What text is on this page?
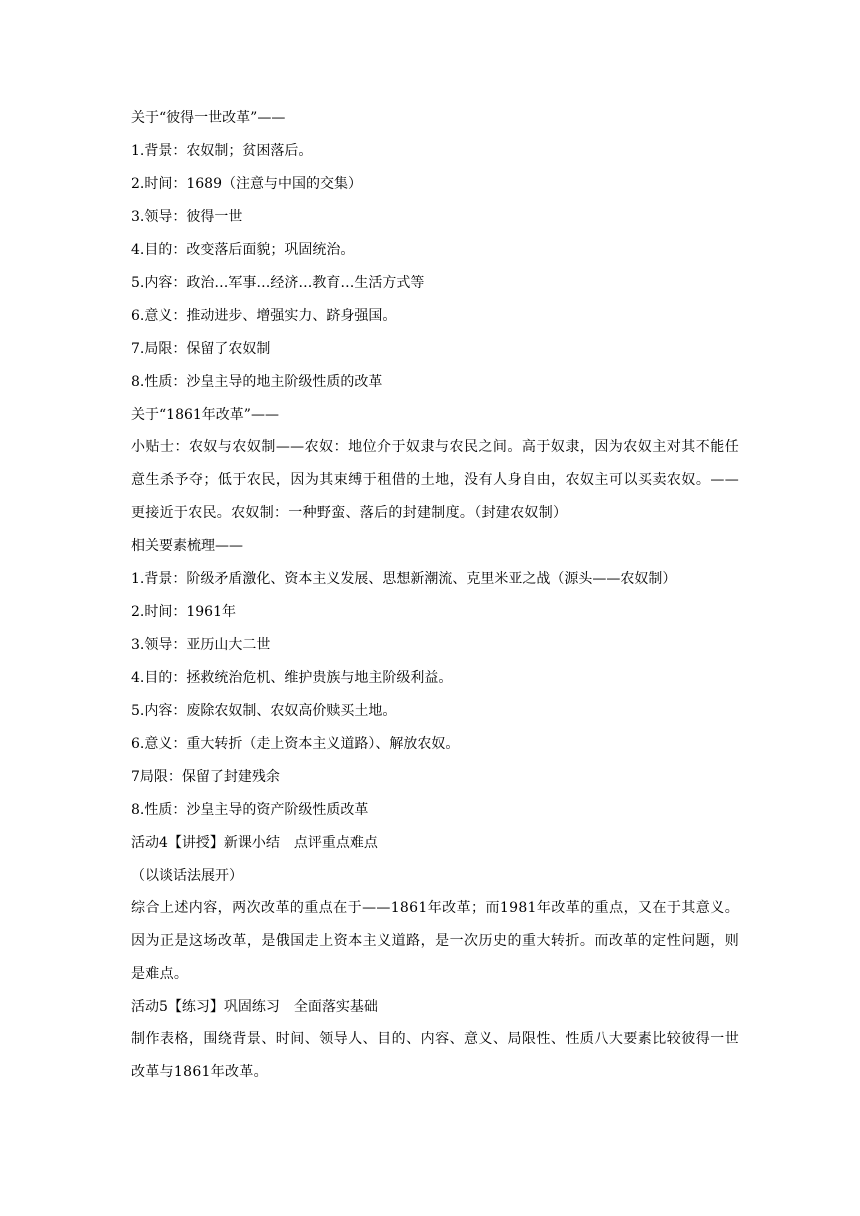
关于“彼得一世改革”——
1.背景：农奴制；贫困落后。
2.时间：1689（注意与中国的交集）
3.领导：彼得一世
4.目的：改变落后面貌；巩固统治。
5.内容：政治…军事…经济…教育…生活方式等
6.意义：推动进步、增强实力、跻身强国。
7.局限：保留了农奴制
8.性质：沙皇主导的地主阶级性质的改革
关于“1861年改革”——
小贴士：农奴与农奴制——农奴：地位介于奴隶与农民之间。高于奴隶，因为农奴主对其不能任意生杀予夺；低于农民，因为其束缚于租借的土地，没有人身自由，农奴主可以买卖农奴。——更接近于农民。农奴制：一种野蛮、落后的封建制度。（封建农奴制）
相关要素梳理——
1.背景：阶级矛盾激化、资本主义发展、思想新潮流、克里米亚之战（源头——农奴制）
2.时间：1961年
3.领导：亚历山大二世
4.目的：拯救统治危机、维护贵族与地主阶级利益。
5.内容：废除农奴制、农奴高价赎买土地。
6.意义：重大转折（走上资本主义道路）、解放农奴。
7局限：保留了封建残余
8.性质：沙皇主导的资产阶级性质改革
活动4【讲授】新课小结　点评重点难点
（以谈话法展开）
综合上述内容，两次改革的重点在于——1861年改革；而1981年改革的重点，又在于其意义。因为正是这场改革，是俄国走上资本主义道路，是一次历史的重大转折。而改革的定性问题，则是难点。
活动5【练习】巩固练习　全面落实基础
制作表格，围绕背景、时间、领导人、目的、内容、意义、局限性、性质八大要素比较彼得一世改革与1861年改革。
